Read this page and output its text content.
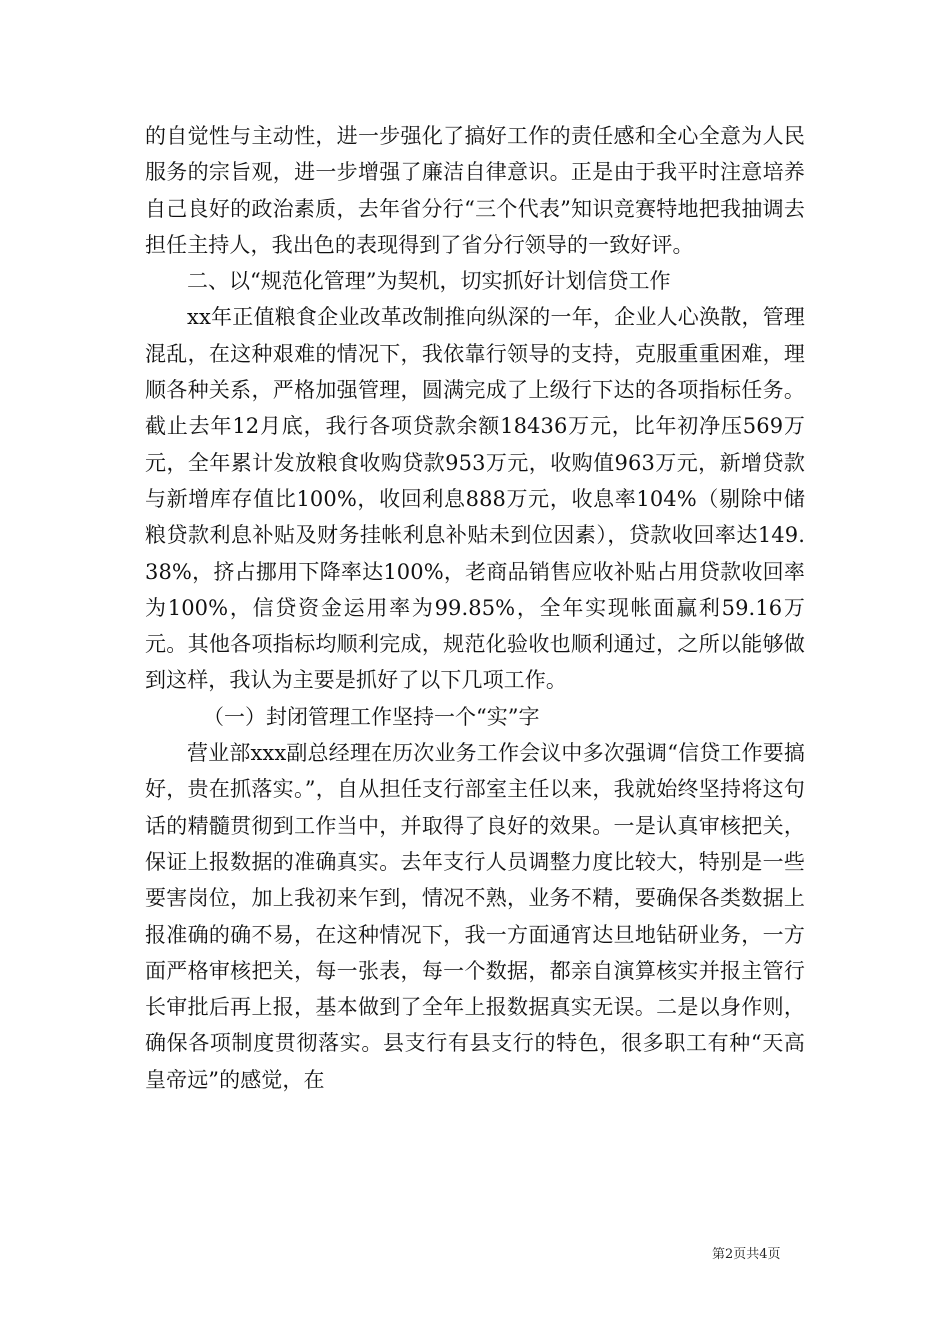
的自觉性与主动性，进一步强化了搞好工作的责任感和全心全意为人民服务的宗旨观，进一步增强了廉洁自律意识。正是由于我平时注意培养自己良好的政治素质，去年省分行“三个代表”知识竞赛特地把我抽调去担任主持人，我出色的表现得到了省分行领导的一致好评。

二、以“规范化管理”为契机，切实抓好计划信贷工作

xx年正值粮食企业改革改制推向纵深的一年，企业人心涣散，管理混乱，在这种艰难的情况下，我依靠行领导的支持，克服重重困难，理顺各种关系，严格加强管理，圆满完成了上级行下达的各项指标任务。截止去年12月底，我行各项贷款余额18436万元，比年初净压569万元，全年累计发放粮食收购贷款953万元，收购值963万元，新增贷款与新增库存值比100%，收回利息888万元，收息率104%（剔除中储粮贷款利息补贴及财务挂帐利息补贴未到位因素），贷款收回率达149.38%，挤占挪用下降率达100%，老商品销售应收补贴占用贷款收回率为100%，信贷资金运用率为99.85%，全年实现帐面赢利59.16万元。其他各项指标均顺利完成，规范化验收也顺利通过，之所以能够做到这样，我认为主要是抓好了以下几项工作。

（一）封闭管理工作坚持一个“实”字

营业部xxx副总经理在历次业务工作会议中多次强调“信贷工作要搞好，贵在抓落实。”，自从担任支行部室主任以来，我就始终坚持将这句话的精髓贯彻到工作当中，并取得了良好的效果。一是认真审核把关，保证上报数据的准确真实。去年支行人员调整力度比较大，特别是一些要害岗位，加上我初来乍到，情况不熟，业务不精，要确保各类数据上报准确的确不易，在这种情况下，我一方面通宵达旦地钻研业务，一方面严格审核把关，每一张表，每一个数据，都亲自演算核实并报主管行长审批后再上报，基本做到了全年上报数据真实无误。二是以身作则，确保各项制度贯彻落实。县支行有县支行的特色，很多职工有种“天高皇帝远”的感觉，在

第2页共4页
